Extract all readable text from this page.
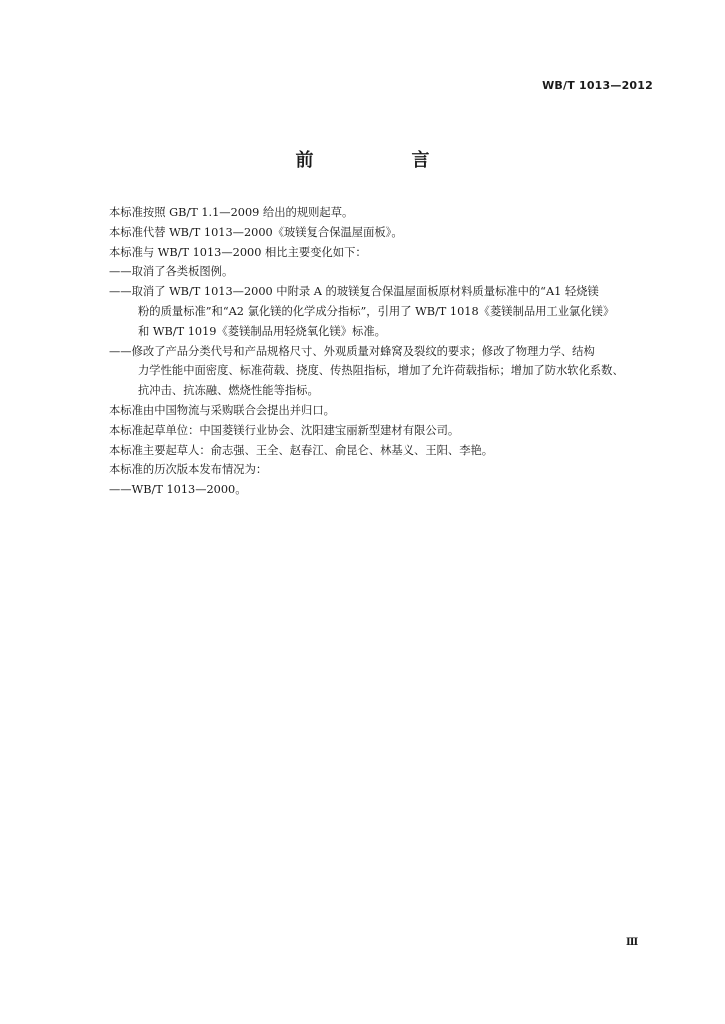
WB/T 1013—2012
前　言

本标准按照 GB/T 1.1—2009 给出的规则起草。

本标准代替 WB/T 1013—2000《玻镁复合保温屋面板》。

本标准与 WB/T 1013—2000 相比主要变化如下：

——取消了各类板图例。
——取消了 WB/T 1013—2000 中附录 A 的玻镁复合保温屋面板原材料质量标准中的“A1 轻烧镁
粉的质量标准”和“A2 氯化镁的化学成分指标”，引用了 WB/T 1018《菱镁制品用工业氯化镁》
和 WB/T 1019《菱镁制品用轻烧氧化镁》标准。
——修改了产品分类代号和产品规格尺寸、外观质量对蜂窝及裂纹的要求；修改了物理力学、结构
力学性能中面密度、标准荷载、挠度、传热阻指标，增加了允许荷载指标；增加了防水软化系数、
抗冲击、抗冻融、燃烧性能等指标。

本标准由中国物流与采购联合会提出并归口。

本标准起草单位：中国菱镁行业协会、沈阳建宝丽新型建材有限公司。

本标准主要起草人：俞志强、王全、赵春江、俞昆仑、林基义、王阳、李艳。

本标准的历次版本发布情况为：

——WB/T 1013—2000。

Ⅲ
